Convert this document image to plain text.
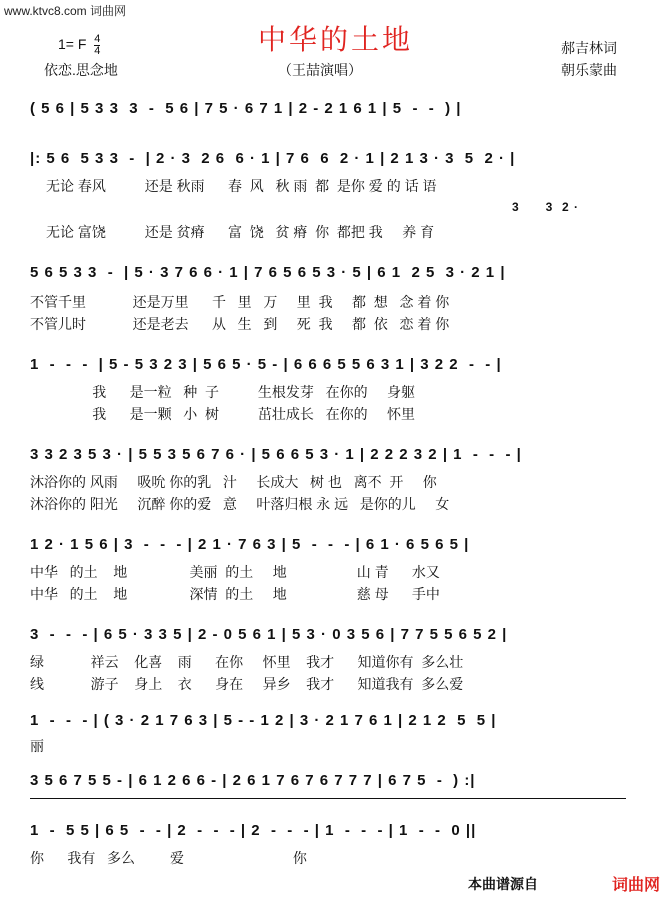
www.ktvc8.com 词曲网
中华的土地
1= F $\frac{4}{4}$	郝吉林词
依恋.思念地	（王喆演唱）	朝乐蒙曲
( 5 6 | 5 3 3  3  -  5 6 | 7 5 · 6 7 1 | 2 - 2 1 6 1 | 5  -  -  ) |
|: 5 6  5 3 3  -  | 2 · 3  2 6  6 · 1 | 7 6  6  2 · 1 | 2 1 3 · 3  5  2 · |
无论 春风          还是 秋雨      春  风   秋 雨  都  是你 爱 的 话 语
3      3  2 ·
无论 富饶          还是 贫瘠      富  饶   贫 瘠  你  都把 我     养 育
5 6 5 3 3  -  | 5 · 3 7 6 6 · 1 | 7 6 5 6 5 3 · 5 | 6 1  2 5  3 · 2 1 |
不管千里            还是万里      千   里   万     里  我     都  想   念 着 你
不管儿时            还是老去      从   生   到     死  我     都  依   恋 着 你
1  -  -  -  | 5 - 5 3 2 3 | 5 6 5 · 5 - | 6 6 6 5 5 6 3 1 | 3 2 2  -  - |
我      是一粒   种  子          生根发芽   在你的     身躯
我      是一颗   小  树          茁壮成长   在你的     怀里
3 3 2 3 5 3 · | 5 5 3 5 6 7 6 · | 5 6 6 5 3 · 1 | 2 2 2 3 2 | 1  -  -  - |
沐浴你的 风雨     吸吮 你的乳   汁     长成大   树 也   离不  开     你
沐浴你的 阳光     沉醉 你的爱   意     叶落归根 永 远   是你的儿     女
1 2 · 1 5 6 | 3  -  -  - | 2 1 · 7 6 3 | 5  -  -  - | 6 1 · 6 5 6 5 |
中华   的土    地                美丽  的土     地                  山 青      水又
中华   的土    地                深情  的土     地                  慈 母      手中
3  -  -  - | 6 5 · 3 3 5 | 2 - 0 5 6 1 | 5 3 · 0 3 5 6 | 7 7 5 5 6 5 2 |
绿            祥云    化喜    雨      在你     怀里    我才      知道你有  多么壮
线            游子    身上    衣      身在     异乡    我才      知道我有  多么爱
1  -  -  - | ( 3 · 2 1 7 6 3 | 5 - - 1 2 | 3 · 2 1 7 6 1 | 2 1 2  5  5 |
丽
3 5 6 7 5 5 - | 6 1 2 6 6 - | 2 6 1 7 6 7 6 7 7 7 | 6 7 5  -  ) :|
1  -  5 5 | 6 5  -  - | 2  -  -  - | 2  -  -  - | 1  -  -  - | 1  -  -  0 ||
你      我有   多么         爱                            你
本曲谱源自	词曲网
